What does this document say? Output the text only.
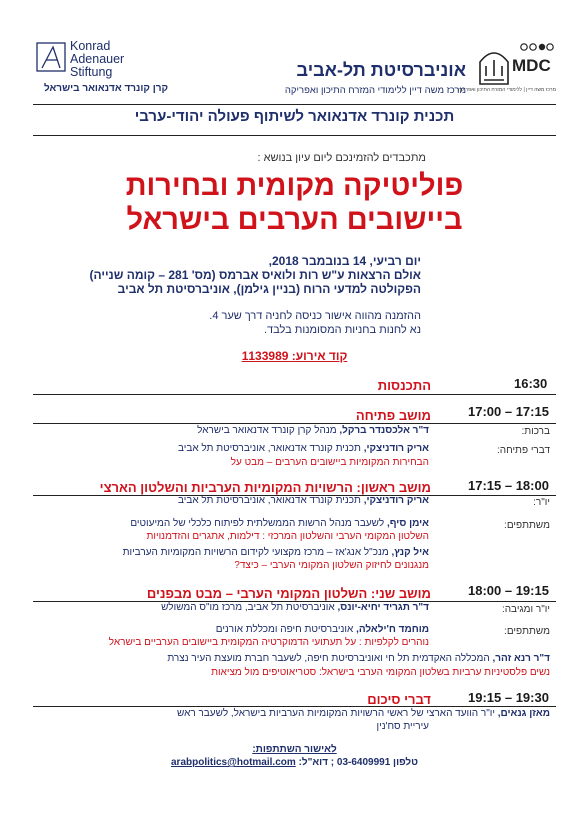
Konrad
Adenauer
Stiftung
קרן קונרד אדנאואר בישראל
אוניברסיטת תל-אביב
מרכז משה דיין ללימודי המזרח התיכון ואפריקה
MDC
מרכז משה דיין | ללימודי המזרח התיכון ואפריקה
תכנית קונרד אדנאואר לשיתוף פעולה יהודי-ערבי
מתכבדים להזמינכם ליום עיון בנושא :
פוליטיקה מקומית ובחירות
ביישובים הערבים בישראל
יום רביעי, 14 בנובמבר 2018,
אולם הרצאות ע"ש רות ולואיס אברמס (מס' 281 – קומה שנייה)
הפקולטה למדעי הרוח (בניין גילמן), אוניברסיטת תל אביב
ההזמנה מהווה אישור כניסה לחניה דרך שער 4.
נא לחנות בחניות המסומנות בלבד.
קוד אירוע: 1133989
16:30
התכנסות
17:00 – 17:15
מושב פתיחה
ברכות:
ד"ר אלכסנדר ברקל, מנהל קרן קונרד אדנאואר בישראל
דברי פתיחה:
אריק רודניצקי, תכנית קונרד אדנאואר, אוניברסיטת תל אביב
הבחירות המקומיות ביישובים הערבים – מבט על
17:15 – 18:00
מושב ראשון: הרשויות המקומיות הערביות והשלטון הארצי
יו"ר:
אריק רודניצקי, תכנית קונרד אדנאואר, אוניברסיטת תל אביב
משתתפים:
אימן סיף, לשעבר מנהל הרשות הממשלתית לפיתוח כלכלי של המיעוטים
השלטון המקומי הערבי והשלטון המרכזי : דילמות, אתגרים והזדמנויות
איל קנץ, מנכ"ל אנג'אז – מרכז מקצועי לקידום הרשויות המקומיות הערביות
מנגנונים לחיזוק השלטון המקומי הערבי – כיצד?
18:00 – 19:15
מושב שני: השלטון המקומי הערבי – מבט מבפנים
יו"ר ומגיבה:
ד"ר תגריד יחיא-יונס, אוניברסיטת תל אביב, מרכז מו"ס המשולש
משתתפים:
מוחמד ח'ילאלה, אוניברסיטת חיפה ומכללת אורנים
נוהרים לקלפיות : על תעתועי הדמוקרטיה המקומית ביישובים הערביים בישראל
ד"ר רנא זהר, המכללה האקדמית תל חי ואוניברסיטת חיפה, לשעבר חברת מועצת העיר נצרת
נשים פלסטיניות ערביות בשלטון המקומי הערבי בישראל: סטריאוטיפים מול מציאות
19:15 – 19:30
דברי סיכום
מאזן גנאים, יו"ר הוועד הארצי של ראשי הרשויות המקומיות הערביות בישראל, לשעבר ראש
עיריית סח'נין
לאישור השתתפות:
arabpolitics@hotmail.com טלפון 03-6409991 ; דוא"ל:
